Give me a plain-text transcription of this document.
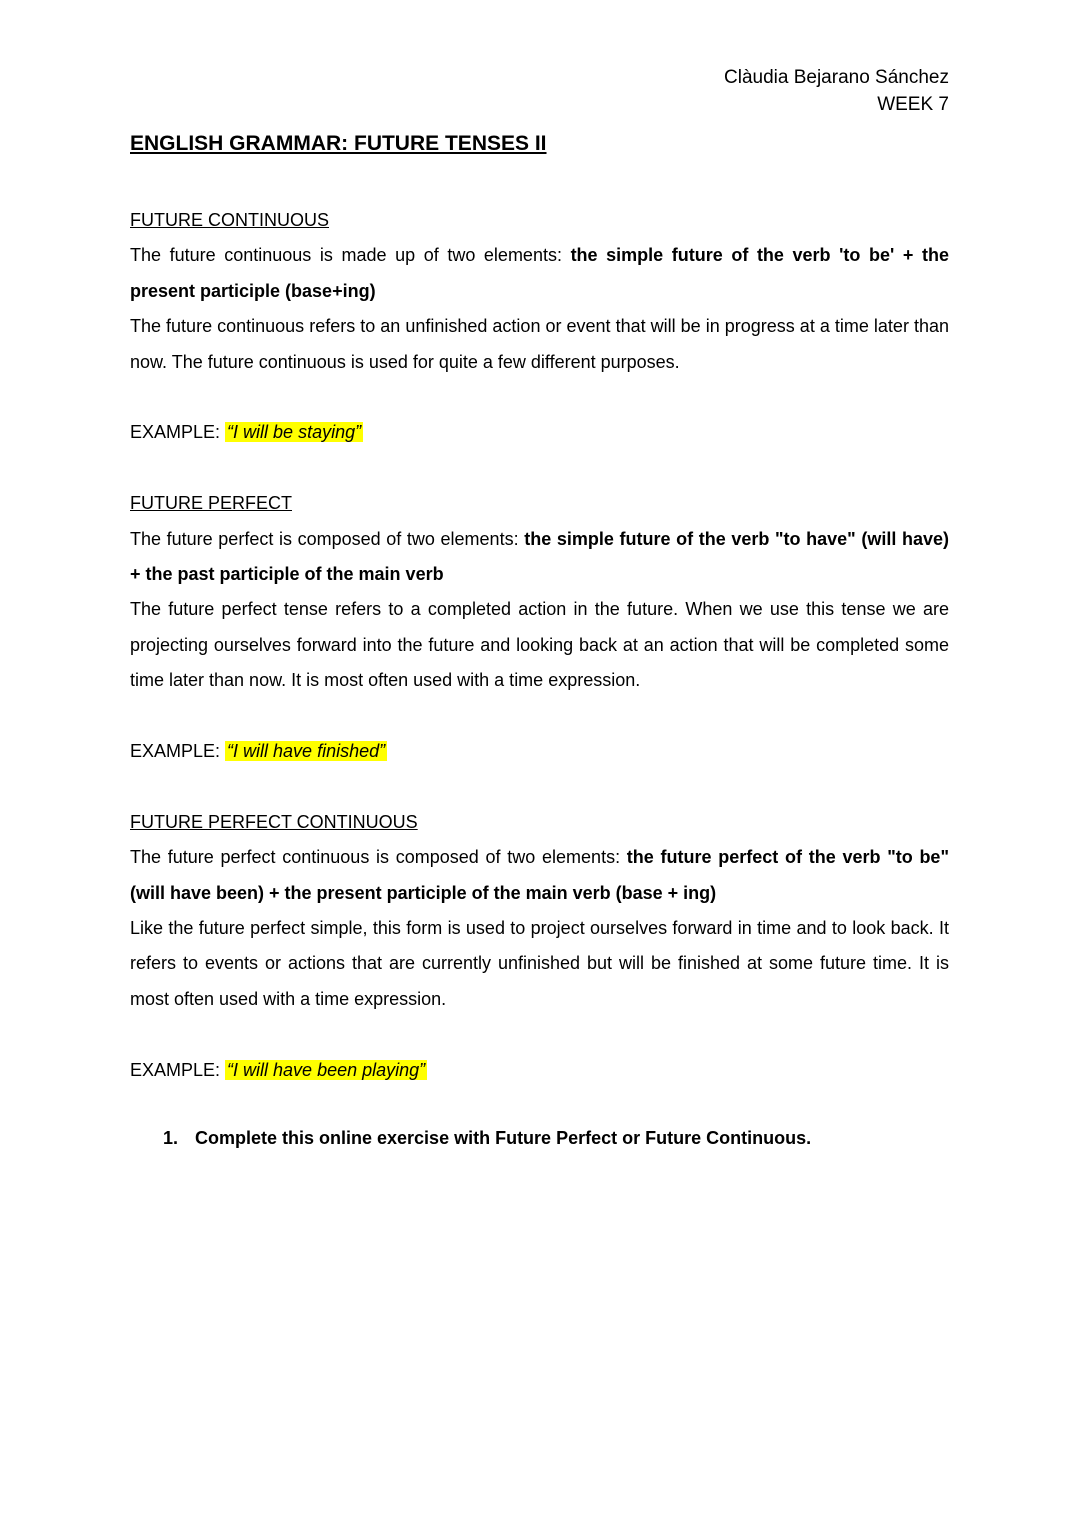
Clàudia Bejarano Sánchez
WEEK 7
ENGLISH GRAMMAR: FUTURE TENSES II
FUTURE CONTINUOUS

The future continuous is made up of two elements: the simple future of the verb 'to be' + the present participle (base+ing)

The future continuous refers to an unfinished action or event that will be in progress at a time later than now. The future continuous is used for quite a few different purposes.

EXAMPLE: “I will be staying”

FUTURE PERFECT

The future perfect is composed of two elements: the simple future of the verb "to have" (will have) + the past participle of the main verb

The future perfect tense refers to a completed action in the future. When we use this tense we are projecting ourselves forward into the future and looking back at an action that will be completed some time later than now. It is most often used with a time expression.

EXAMPLE: “I will have finished”

FUTURE PERFECT CONTINUOUS

The future perfect continuous is composed of two elements: the future perfect of the verb "to be" (will have been) + the present participle of the main verb (base + ing)

Like the future perfect simple, this form is used to project ourselves forward in time and to look back. It refers to events or actions that are currently unfinished but will be finished at some future time. It is most often used with a time expression.

EXAMPLE: “I will have been playing”

1. Complete this online exercise with Future Perfect or Future Continuous.
